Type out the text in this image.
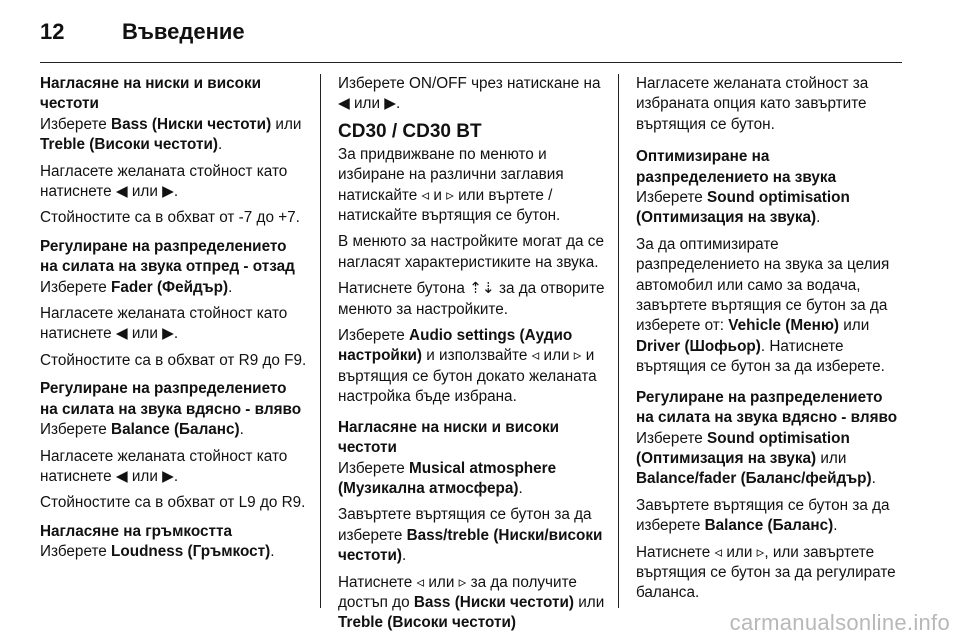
12	Въведение
Нагласяне на ниски и високи честоти

Изберете Bass (Ниски честоти) или Treble (Високи честоти).

Нагласете желаната стойност като натиснете ◀ или ▶.

Стойностите са в обхват от -7 до +7.

Регулиране на разпределението на силата на звука отпред - отзад

Изберете Fader (Фейдър).

Нагласете желаната стойност като натиснете ◀ или ▶.

Стойностите са в обхват от R9 до F9.

Регулиране на разпределението на силата на звука вдясно - вляво

Изберете Balance (Баланс).

Нагласете желаната стойност като натиснете ◀ или ▶.

Стойностите са в обхват от L9 до R9.

Нагласяне на гръмкостта

Изберете Loudness (Гръмкост).

Изберете ON/OFF чрез натискане на ◀ или ▶.

CD30 / CD30 BT

За придвижване по менюто и избиране на различни заглавия натискайте ◃ и ▹ или въртете / натискайте въртящия се бутон.

В менюто за настройките могат да се нагласят характеристиките на звука.

Натиснете бутона ⇡⇣ за да отворите менюто за настройките.

Изберете Audio settings (Аудио настройки) и използвайте ◃ или ▹ и въртящия се бутон докато желаната настройка бъде избрана.

Нагласяне на ниски и високи честоти

Изберете Musical atmosphere (Музикална атмосфера).

Завъртете въртящия се бутон за да изберете Bass/treble (Ниски/високи честоти).

Натиснете ◃ или ▹ за да получите достъп до Bass (Ниски честоти) или Treble (Високи честоти)

Нагласете желаната стойност за избраната опция като завъртите въртящия се бутон.

Оптимизиране на разпределението на звука

Изберете Sound optimisation (Оптимизация на звука).

За да оптимизирате разпределението на звука за целия автомобил или само за водача, завъртете въртящия се бутон за да изберете от: Vehicle (Меню) или Driver (Шофьор). Натиснете въртящия се бутон за да изберете.

Регулиране на разпределението на силата на звука вдясно - вляво

Изберете Sound optimisation (Оптимизация на звука) или Balance/fader (Баланс/фейдър).

Завъртете въртящия се бутон за да изберете Balance (Баланс).

Натиснете ◃ или ▹, или завъртете въртящия се бутон за да регулирате баланса.

carmanualsonline.info
